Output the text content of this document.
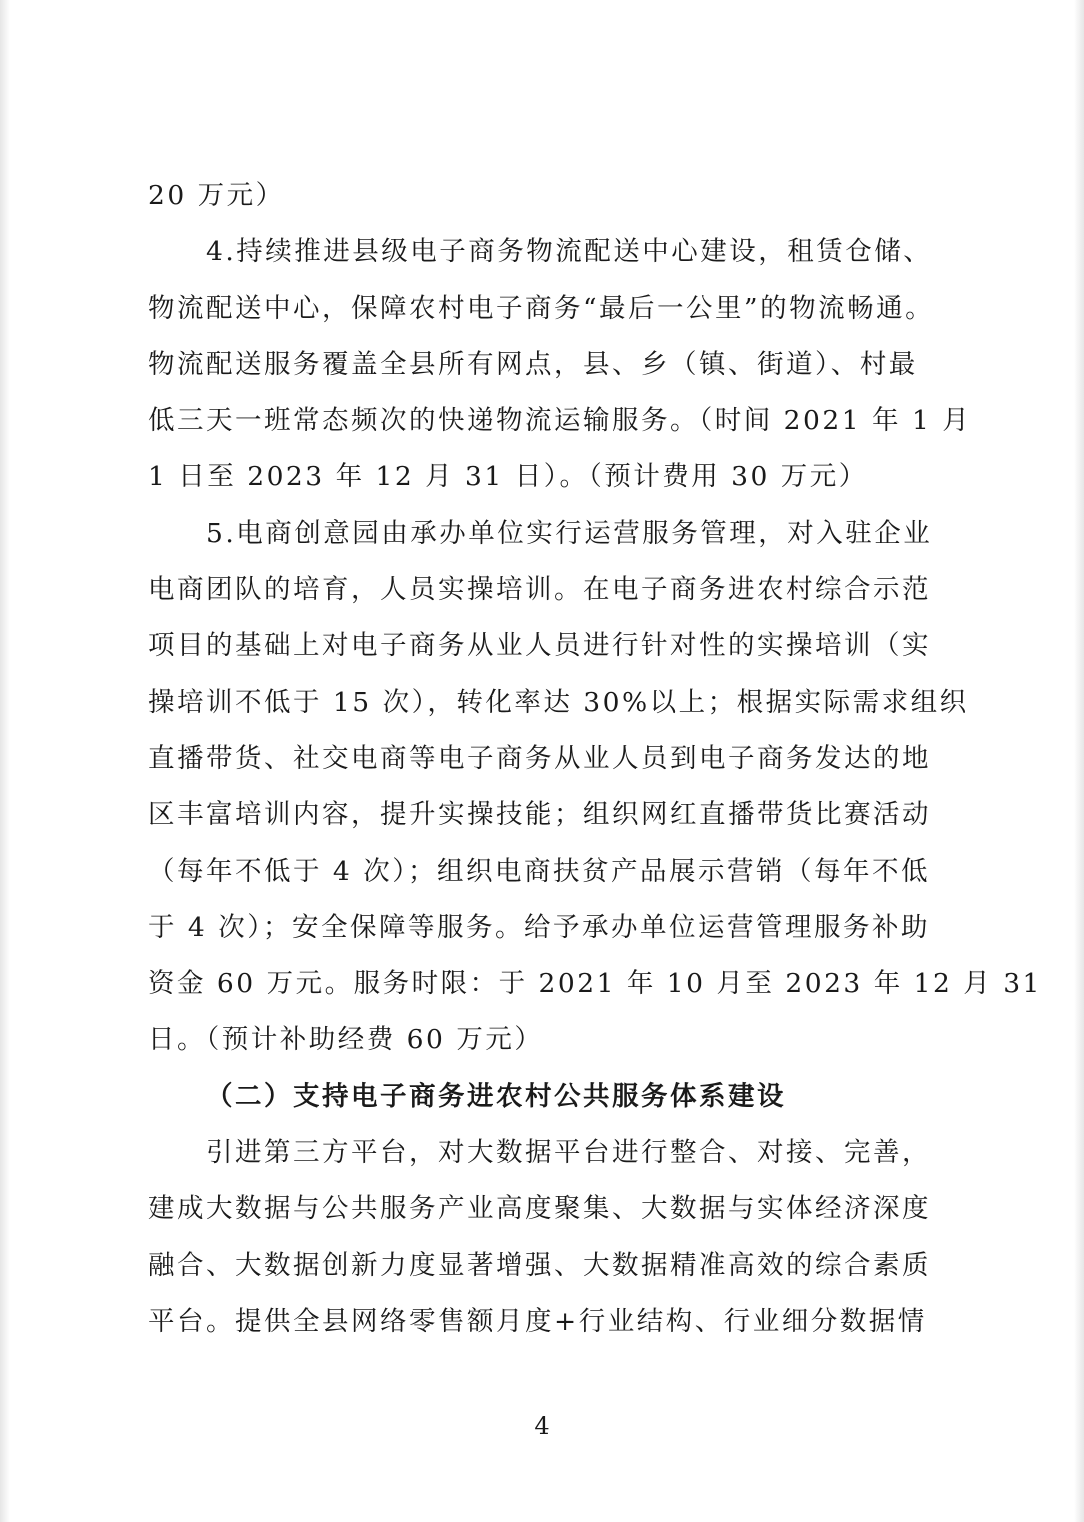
20 万元）
4.持续推进县级电子商务物流配送中心建设，租赁仓储、
物流配送中心，保障农村电子商务“最后一公里”的物流畅通。
物流配送服务覆盖全县所有网点，县、乡（镇、街道）、村最
低三天一班常态频次的快递物流运输服务。（时间 2021 年 1 月
1 日至 2023 年 12 月 31 日）。（预计费用 30 万元）
5.电商创意园由承办单位实行运营服务管理，对入驻企业
电商团队的培育，人员实操培训。在电子商务进农村综合示范
项目的基础上对电子商务从业人员进行针对性的实操培训（实
操培训不低于 15 次），转化率达 30%以上；根据实际需求组织
直播带货、社交电商等电子商务从业人员到电子商务发达的地
区丰富培训内容，提升实操技能；组织网红直播带货比赛活动
（每年不低于 4 次）；组织电商扶贫产品展示营销（每年不低
于 4 次）；安全保障等服务。给予承办单位运营管理服务补助
资金 60 万元。服务时限：于 2021 年 10 月至 2023 年 12 月 31
日。（预计补助经费 60 万元）
（二）支持电子商务进农村公共服务体系建设
引进第三方平台，对大数据平台进行整合、对接、完善，
建成大数据与公共服务产业高度聚集、大数据与实体经济深度
融合、大数据创新力度显著增强、大数据精准高效的综合素质
平台。提供全县网络零售额月度+行业结构、行业细分数据情
4
